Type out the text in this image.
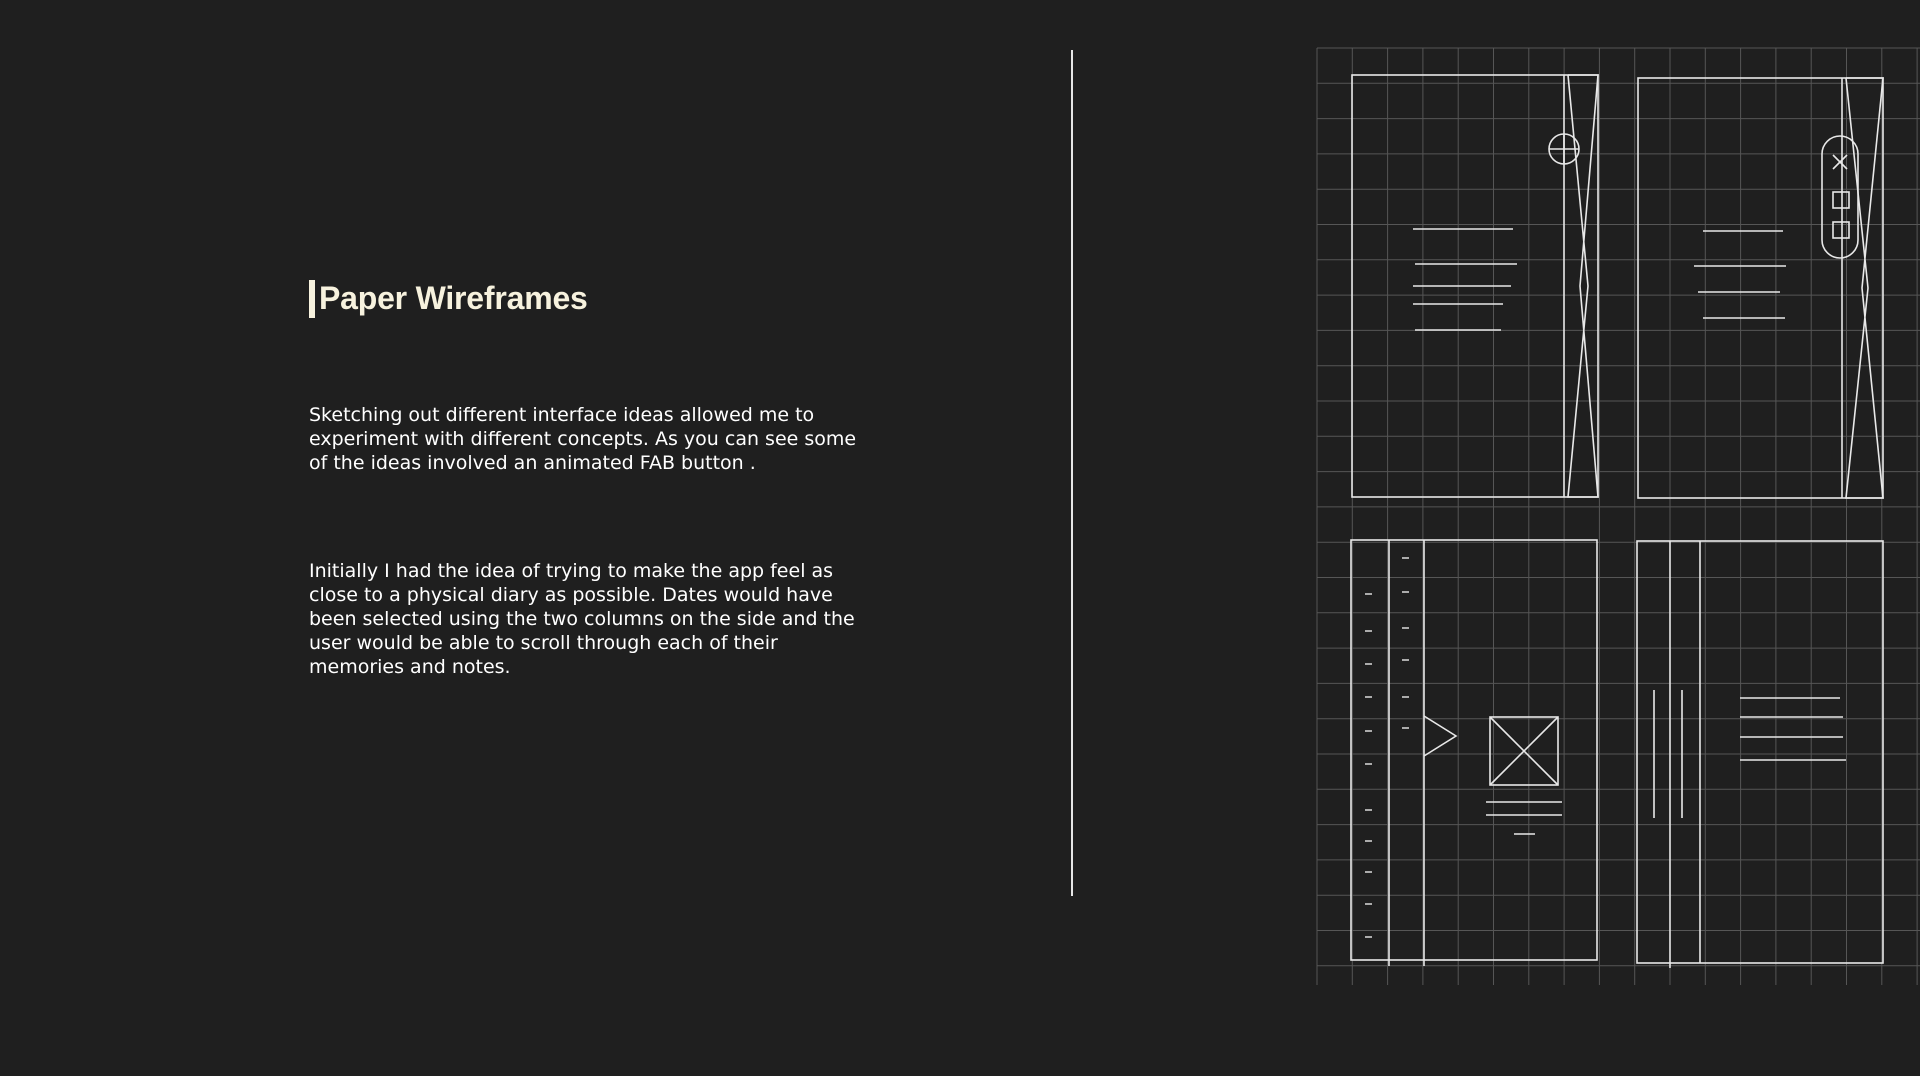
Paper Wireframes
Sketching out different interface ideas allowed me to experiment with different concepts. As you can see some of the ideas involved an animated FAB button .
Initially I had the idea of trying to make the app feel as close to a physical diary as possible. Dates would have been selected using the two columns on the side and the user would be able to scroll through each of their memories and notes.
